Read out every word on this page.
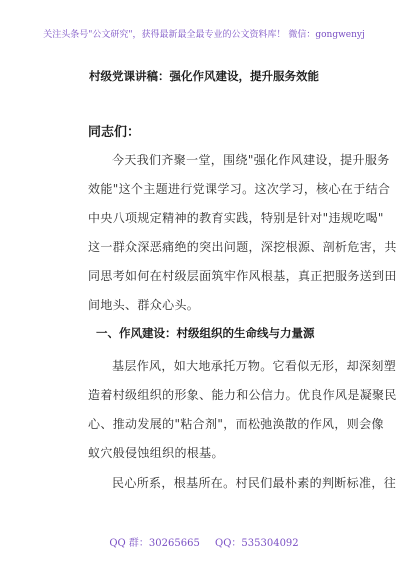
关注头条号"公文研究"，获得最新最全最专业的公文资料库！ 微信：gongwenyj
村级党课讲稿：强化作风建设，提升服务效能
同志们：
今天我们齐聚一堂，围绕"强化作风建设，提升服务
效能"这个主题进行党课学习。这次学习，核心在于结合
中央八项规定精神的教育实践，特别是针对"违规吃喝"
这一群众深恶痛绝的突出问题，深挖根源、剖析危害，共
同思考如何在村级层面筑牢作风根基，真正把服务送到田
间地头、群众心头。
一、作风建设：村级组织的生命线与力量源
基层作风，如大地承托万物。它看似无形，却深刻塑
造着村级组织的形象、能力和公信力。优良作风是凝聚民
心、推动发展的"粘合剂"，而松弛涣散的作风，则会像
蚁穴般侵蚀组织的根基。
民心所系，根基所在。村民们最朴素的判断标准，往
QQ 群：30265665 QQ：535304092
